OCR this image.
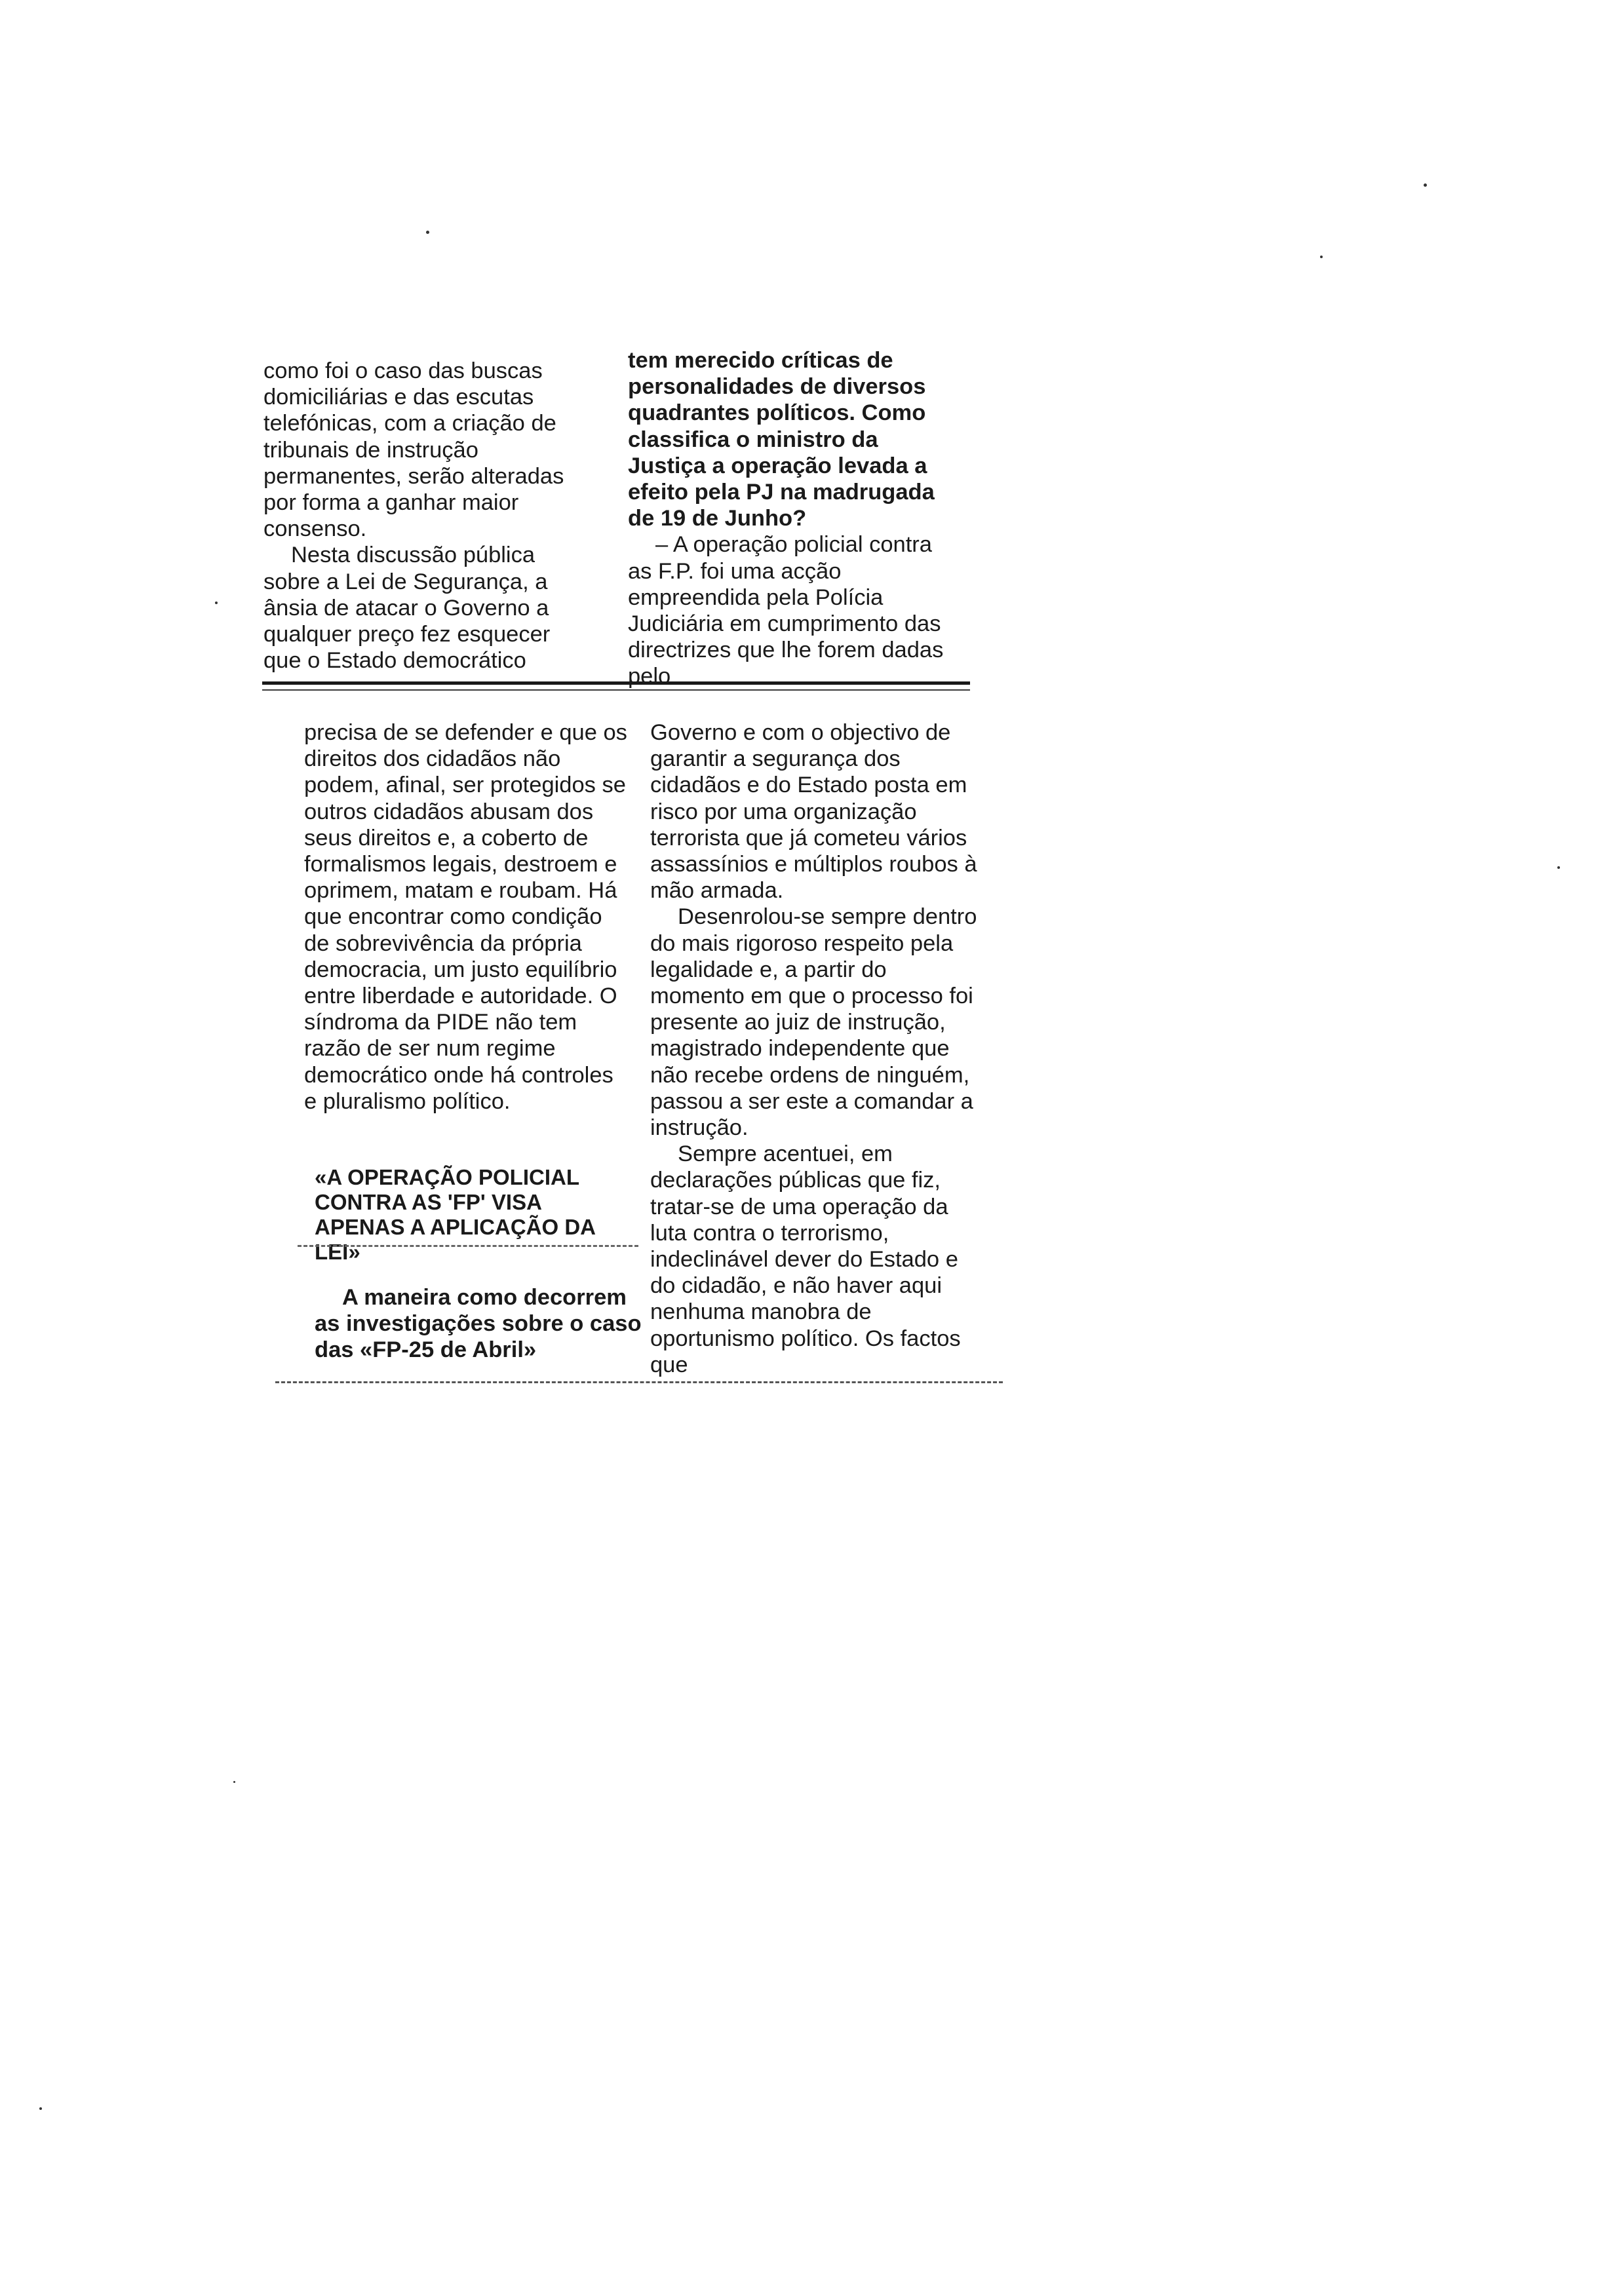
como foi o caso das buscas domiciliárias e das escutas telefónicas, com a criação de tribunais de instrução permanentes, serão alteradas por forma a ganhar maior consenso.

Nesta discussão pública sobre a Lei de Segurança, a ânsia de atacar o Governo a qualquer preço fez esquecer que o Estado democrático

tem merecido críticas de personalidades de diversos quadrantes políticos. Como classifica o ministro da Justiça a operação levada a efeito pela PJ na madrugada de 19 de Junho?

– A operação policial contra as F.P. foi uma acção empreendida pela Polícia Judiciária em cumprimento das directrizes que lhe forem dadas pelo

precisa de se defender e que os direitos dos cidadãos não podem, afinal, ser protegidos se outros cidadãos abusam dos seus direitos e, a coberto de formalismos legais, destroem e oprimem, matam e roubam. Há que encontrar como condição de sobrevivência da própria democracia, um justo equilíbrio entre liberdade e autoridade. O síndroma da PIDE não tem razão de ser num regime democrático onde há controles e pluralismo político.

«A OPERAÇÃO POLICIAL CONTRA AS 'FP' VISA APENAS A APLICAÇÃO DA LEI»

A maneira como decorrem as investigações sobre o caso das «FP-25 de Abril»

Governo e com o objectivo de garantir a segurança dos cidadãos e do Estado posta em risco por uma organização terrorista que já cometeu vários assassínios e múltiplos roubos à mão armada.

Desenrolou-se sempre dentro do mais rigoroso respeito pela legalidade e, a partir do momento em que o processo foi presente ao juiz de instrução, magistrado independente que não recebe ordens de ninguém, passou a ser este a comandar a instrução.

Sempre acentuei, em declarações públicas que fiz, tratar-se de uma operação da luta contra o terrorismo, indeclinável dever do Estado e do cidadão, e não haver aqui nenhuma manobra de oportunismo político. Os factos que
